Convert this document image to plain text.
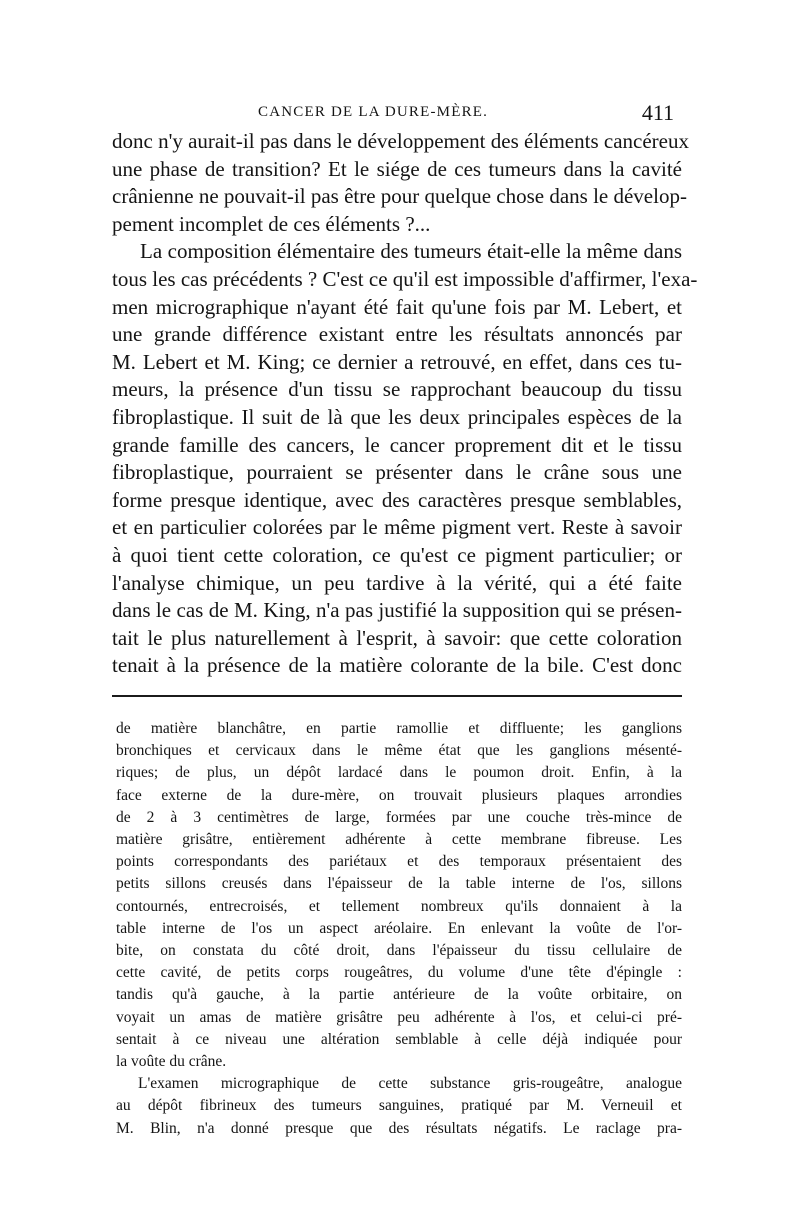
CANCER DE LA DURE-MÈRE.	411

donc n'y aurait-il pas dans le développement des éléments cancéreux
une phase de transition? Et le siége de ces tumeurs dans la cavité
crânienne ne pouvait-il pas être pour quelque chose dans le dévelop-
pement incomplet de ces éléments ?...

La composition élémentaire des tumeurs était-elle la même dans
tous les cas précédents ? C'est ce qu'il est impossible d'affirmer, l'exa-
men micrographique n'ayant été fait qu'une fois par M. Lebert, et
une grande différence existant entre les résultats annoncés par
M. Lebert et M. King; ce dernier a retrouvé, en effet, dans ces tu-
meurs, la présence d'un tissu se rapprochant beaucoup du tissu
fibroplastique. Il suit de là que les deux principales espèces de la
grande famille des cancers, le cancer proprement dit et le tissu
fibroplastique, pourraient se présenter dans le crâne sous une
forme presque identique, avec des caractères presque semblables,
et en particulier colorées par le même pigment vert. Reste à savoir
à quoi tient cette coloration, ce qu'est ce pigment particulier; or
l'analyse chimique, un peu tardive à la vérité, qui a été faite
dans le cas de M. King, n'a pas justifié la supposition qui se présen-
tait le plus naturellement à l'esprit, à savoir: que cette coloration
tenait à la présence de la matière colorante de la bile. C'est donc

de matière blanchâtre, en partie ramollie et diffluente; les ganglions
bronchiques et cervicaux dans le même état que les ganglions mésenté-
riques; de plus, un dépôt lardacé dans le poumon droit. Enfin, à la
face externe de la dure-mère, on trouvait plusieurs plaques arrondies
de 2 à 3 centimètres de large, formées par une couche très-mince de
matière grisâtre, entièrement adhérente à cette membrane fibreuse. Les
points correspondants des pariétaux et des temporaux présentaient des
petits sillons creusés dans l'épaisseur de la table interne de l'os, sillons
contournés, entrecroisés, et tellement nombreux qu'ils donnaient à la
table interne de l'os un aspect aréolaire. En enlevant la voûte de l'or-
bite, on constata du côté droit, dans l'épaisseur du tissu cellulaire de
cette cavité, de petits corps rougeâtres, du volume d'une tête d'épingle :
tandis qu'à gauche, à la partie antérieure de la voûte orbitaire, on
voyait un amas de matière grisâtre peu adhérente à l'os, et celui-ci pré-
sentait à ce niveau une altération semblable à celle déjà indiquée pour
la voûte du crâne.

L'examen micrographique de cette substance gris-rougeâtre, analogue
au dépôt fibrineux des tumeurs sanguines, pratiqué par M. Verneuil et
M. Blin, n'a donné presque que des résultats négatifs. Le raclage pra-
